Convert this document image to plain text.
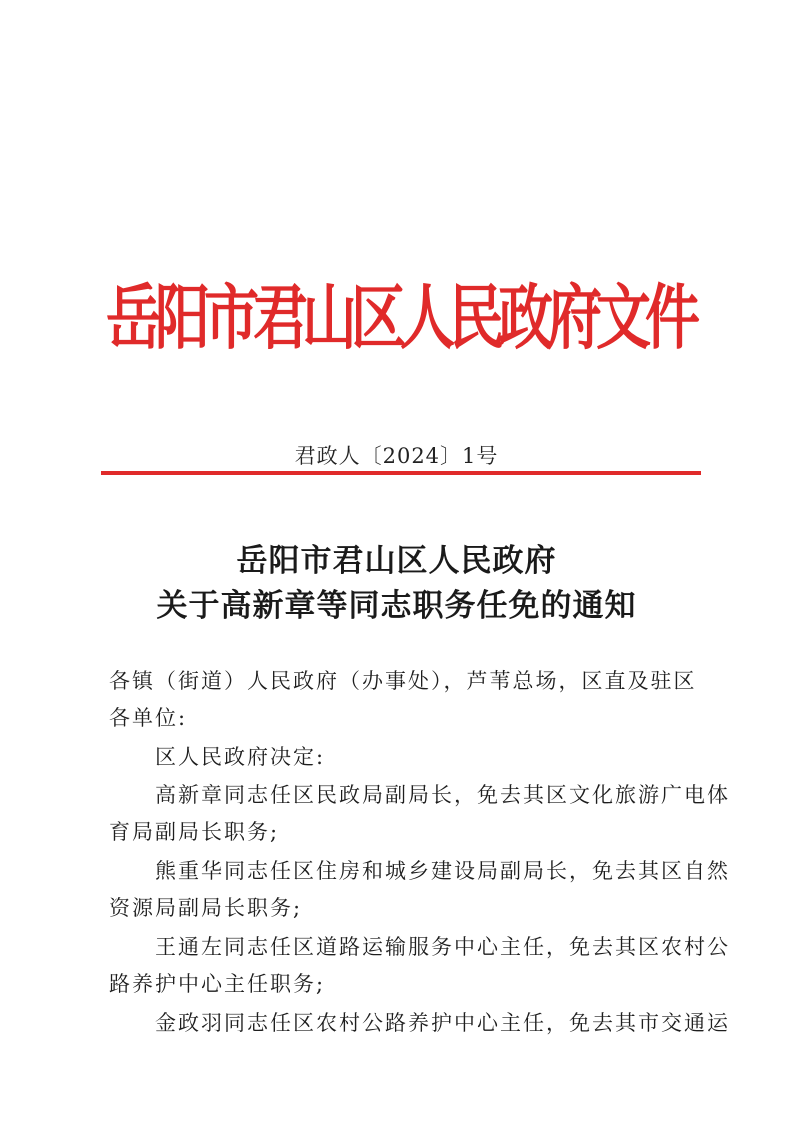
岳阳市君山区人民政府文件
君政人〔2024〕1号
岳阳市君山区人民政府
关于高新章等同志职务任免的通知
各镇（街道）人民政府（办事处），芦苇总场，区直及驻区
各单位:
区人民政府决定:
高新章同志任区民政局副局长，免去其区文化旅游广电体
育局副局长职务;
熊重华同志任区住房和城乡建设局副局长，免去其区自然
资源局副局长职务;
王通左同志任区道路运输服务中心主任，免去其区农村公
路养护中心主任职务;
金政羽同志任区农村公路养护中心主任，免去其市交通运
